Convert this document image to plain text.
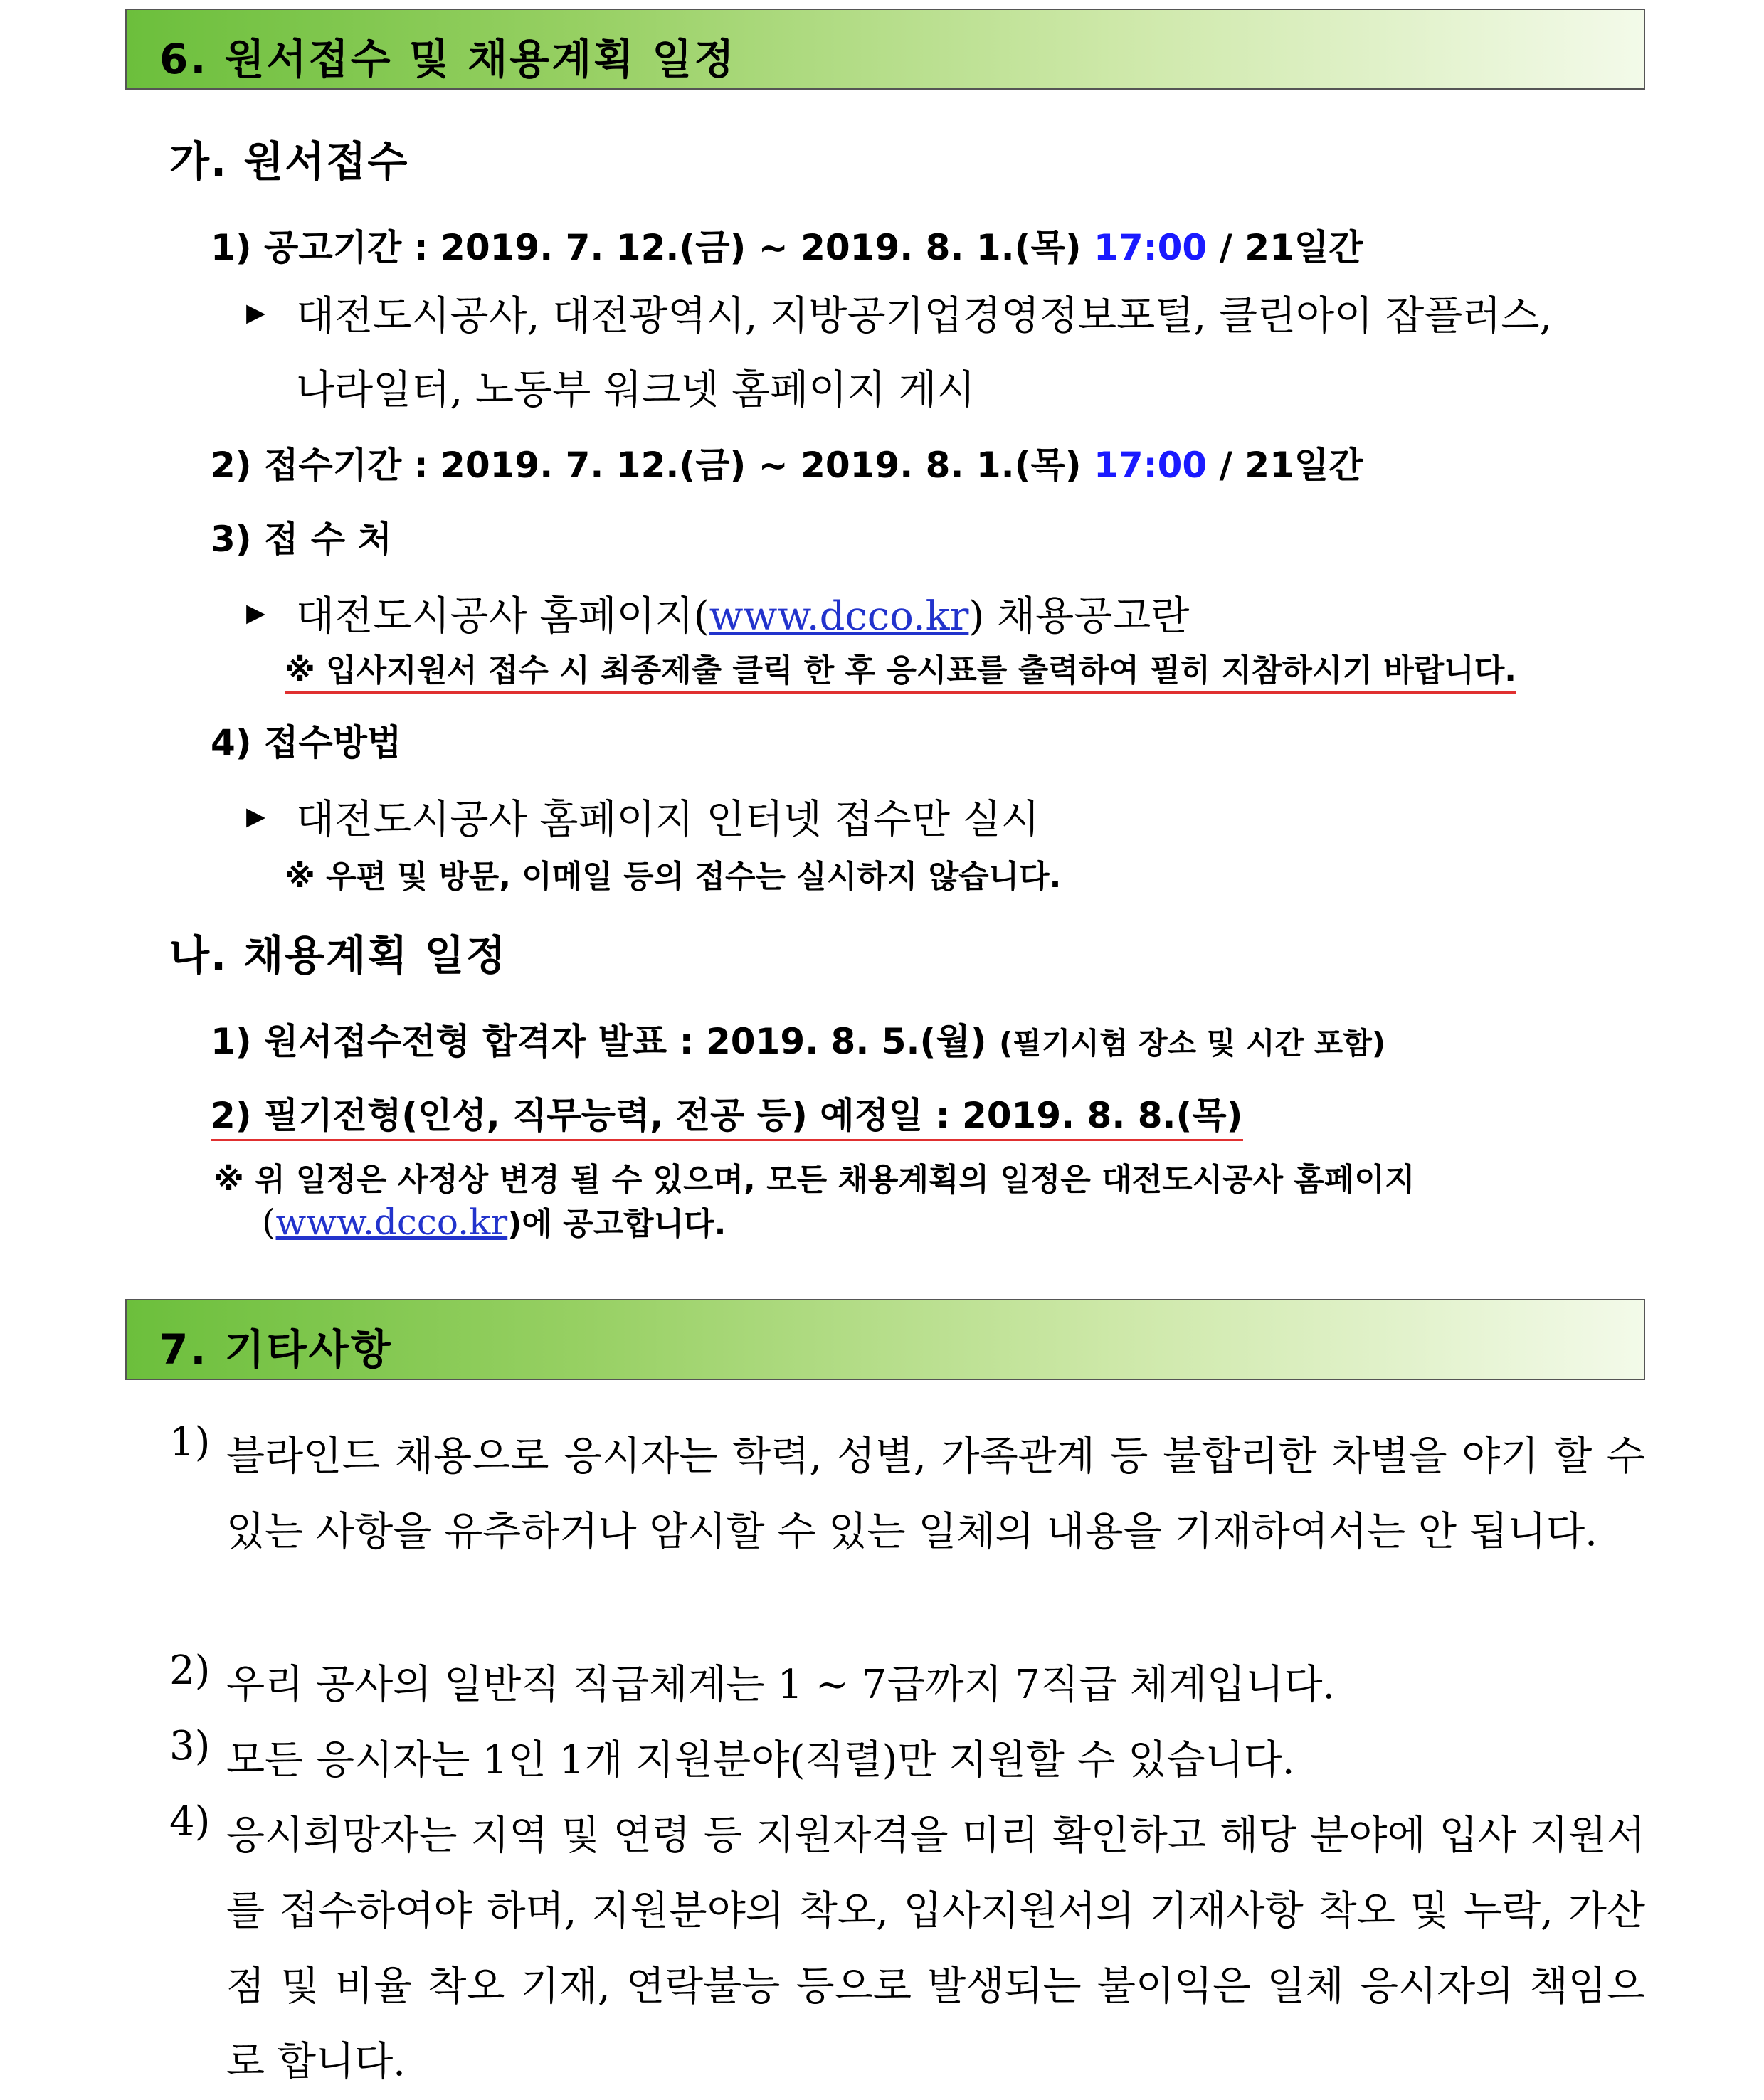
6. 원서접수 및 채용계획 일정
가. 원서접수
1) 공고기간 : 2019. 7. 12.(금) ~ 2019. 8. 1.(목) 17:00 / 21일간
▸ 대전도시공사, 대전광역시, 지방공기업경영정보포털, 클린아이 잡플러스,
나라일터, 노동부 워크넷 홈페이지 게시
2) 접수기간 : 2019. 7. 12.(금) ~ 2019. 8. 1.(목) 17:00 / 21일간
3) 접 수 처
▸ 대전도시공사 홈페이지(www.dcco.kr) 채용공고란
※ 입사지원서 접수 시 최종제출 클릭 한 후 응시표를 출력하여 필히 지참하시기 바랍니다.
4) 접수방법
▸ 대전도시공사 홈페이지 인터넷 접수만 실시
※ 우편 및 방문, 이메일 등의 접수는 실시하지 않습니다.
나. 채용계획 일정
1) 원서접수전형 합격자 발표 : 2019. 8. 5.(월) (필기시험 장소 및 시간 포함)
2) 필기전형(인성, 직무능력, 전공 등) 예정일 : 2019. 8. 8.(목)
※ 위 일정은 사정상 변경 될 수 있으며, 모든 채용계획의 일정은 대전도시공사 홈페이지
(www.dcco.kr)에 공고합니다.
7. 기타사항
1) 블라인드 채용으로 응시자는 학력, 성별, 가족관계 등 불합리한 차별을 야기 할 수 있는 사항을 유추하거나 암시할 수 있는 일체의 내용을 기재하여서는 안 됩니다.
2) 우리 공사의 일반직 직급체계는 1 ~ 7급까지 7직급 체계입니다.
3) 모든 응시자는 1인 1개 지원분야(직렬)만 지원할 수 있습니다.
4) 응시희망자는 지역 및 연령 등 지원자격을 미리 확인하고 해당 분야에 입사 지원서를 접수하여야 하며, 지원분야의 착오, 입사지원서의 기재사항 착오 및 누락, 가산점 및 비율 착오 기재, 연락불능 등으로 발생되는 불이익은 일체 응시자의 책임으로 합니다.
